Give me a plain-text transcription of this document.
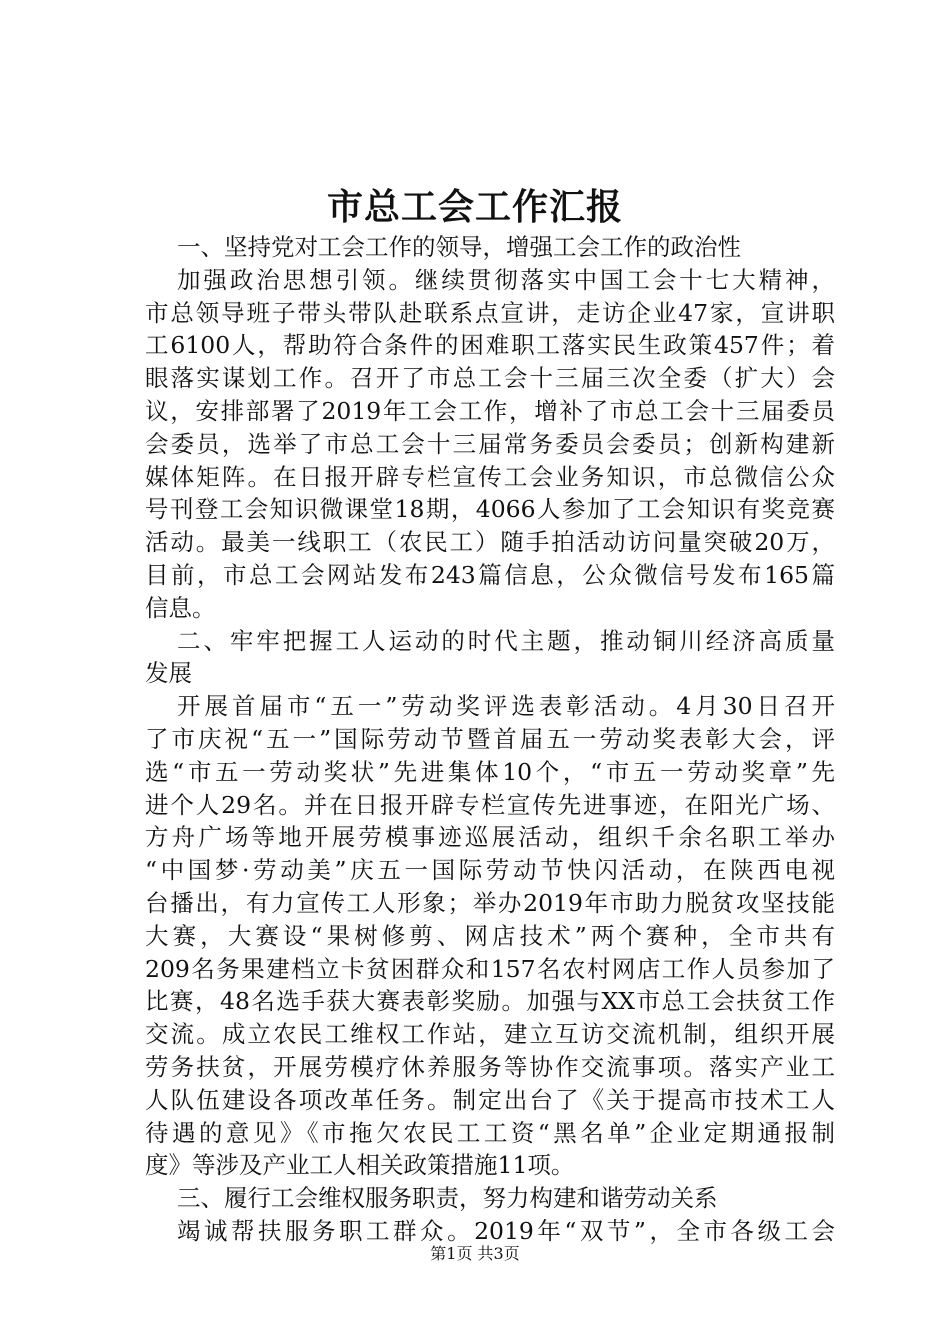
市总工会工作汇报
一、坚持党对工会工作的领导，增强工会工作的政治性
加强政治思想引领。继续贯彻落实中国工会十七大精神，
市总领导班子带头带队赴联系点宣讲，走访企业47家，宣讲职
工6100人，帮助符合条件的困难职工落实民生政策457件；着
眼落实谋划工作。召开了市总工会十三届三次全委（扩大）会
议，安排部署了2019年工会工作，增补了市总工会十三届委员
会委员，选举了市总工会十三届常务委员会委员；创新构建新
媒体矩阵。在日报开辟专栏宣传工会业务知识，市总微信公众
号刊登工会知识微课堂18期，4066人参加了工会知识有奖竞赛
活动。最美一线职工（农民工）随手拍活动访问量突破20万，
目前，市总工会网站发布243篇信息，公众微信号发布165篇
信息。
二、牢牢把握工人运动的时代主题，推动铜川经济高质量
发展
开展首届市“五一”劳动奖评选表彰活动。4月30日召开
了市庆祝“五一”国际劳动节暨首届五一劳动奖表彰大会，评
选“市五一劳动奖状”先进集体10个，“市五一劳动奖章”先
进个人29名。并在日报开辟专栏宣传先进事迹，在阳光广场、
方舟广场等地开展劳模事迹巡展活动，组织千余名职工举办
“中国梦·劳动美”庆五一国际劳动节快闪活动，在陕西电视
台播出，有力宣传工人形象；举办2019年市助力脱贫攻坚技能
大赛，大赛设“果树修剪、网店技术”两个赛种，全市共有
209名务果建档立卡贫困群众和157名农村网店工作人员参加了
比赛，48名选手获大赛表彰奖励。加强与XX市总工会扶贫工作
交流。成立农民工维权工作站，建立互访交流机制，组织开展
劳务扶贫，开展劳模疗休养服务等协作交流事项。落实产业工
人队伍建设各项改革任务。制定出台了《关于提高市技术工人
待遇的意见》《市拖欠农民工工资“黑名单”企业定期通报制
度》等涉及产业工人相关政策措施11项。
三、履行工会维权服务职责，努力构建和谐劳动关系
竭诚帮扶服务职工群众。2019年“双节”，全市各级工会
第1页 共3页
